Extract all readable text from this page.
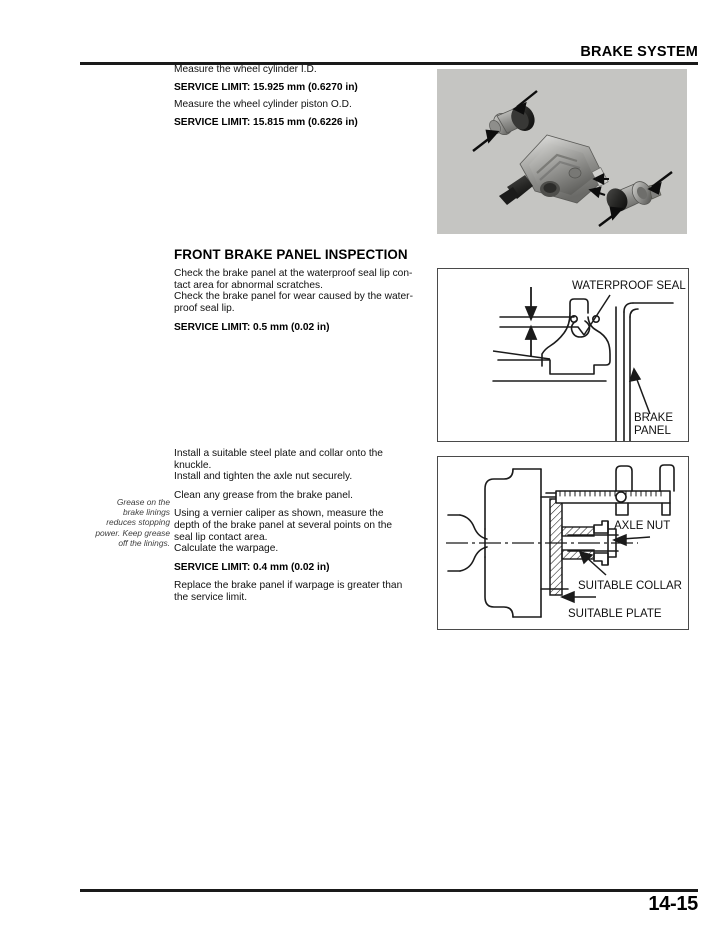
BRAKE SYSTEM
Measure the wheel cylinder I.D.
SERVICE LIMIT: 15.925 mm (0.6270 in)
Measure the wheel cylinder piston O.D.
SERVICE LIMIT: 15.815 mm (0.6226 in)
FRONT BRAKE PANEL INSPECTION
Check the brake panel at the waterproof seal lip con-
tact area for abnormal scratches.
Check the brake panel for wear caused by the water-
proof seal lip.
SERVICE LIMIT: 0.5 mm (0.02 in)
WATERPROOF SEAL
BRAKE
PANEL
Grease on the
brake linings
reduces stopping
power. Keep grease
off the linings.
Install a suitable steel plate and collar onto the
knuckle.
Install and tighten the axle nut securely.
Clean any grease from the brake panel.
Using a vernier caliper as shown, measure the
depth of the brake panel at several points on the
seal lip contact area.
Calculate the warpage.
SERVICE LIMIT: 0.4 mm (0.02 in)
Replace the brake panel if warpage is greater than
the service limit.
AXLE NUT
SUITABLE COLLAR
SUITABLE PLATE
14-15
